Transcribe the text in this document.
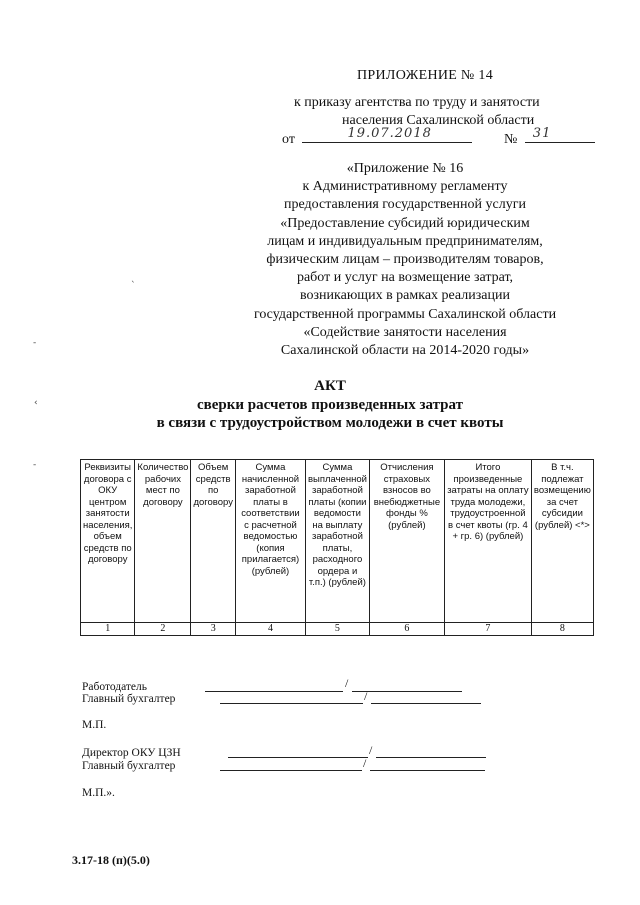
ПРИЛОЖЕНИЕ № 14
к приказу агентства по труду и занятости
населения Сахалинской области
от	19.07.2018	№ 31
«Приложение № 16
к Административному регламенту
предоставления государственной услуги
«Предоставление субсидий юридическим
лицам и индивидуальным предпринимателям,
физическим лицам – производителям товаров,
работ и услуг на возмещение затрат,
возникающих в рамках реализации
государственной программы Сахалинской области
«Содействие занятости населения
Сахалинской области на 2014-2020 годы»
АКТ
сверки расчетов произведенных затрат
в связи с трудоустройством молодежи в счет квоты
`
-
‹
-	Реквизиты договора с ОКУ центром занятости населения, объем средств по договору	Количество рабочих мест по договору	Объем средств по договору	Сумма начисленной заработной платы в соответствии с расчетной ведомостью (копия прилагается) (рублей)	Сумма выплаченной заработной платы (копии ведомости на выплату заработной платы, расходного ордера и т.п.) (рублей)	Отчисления страховых взносов во внебюджетные фонды % (рублей)	Итого произведенные затраты на оплату труда молодежи, трудоустроенной в счет квоты (гр. 4 + гр. 6) (рублей)	В т.ч. подлежат возмещению за счет субсидии (рублей) <*>
1	2	3	4	5	6	7	8
Работодатель	/
Главный бухгалтер	/
М.П.
Директор ОКУ ЦЗН	/
Главный бухгалтер	/
М.П.».
3.17-18 (п)(5.0)
